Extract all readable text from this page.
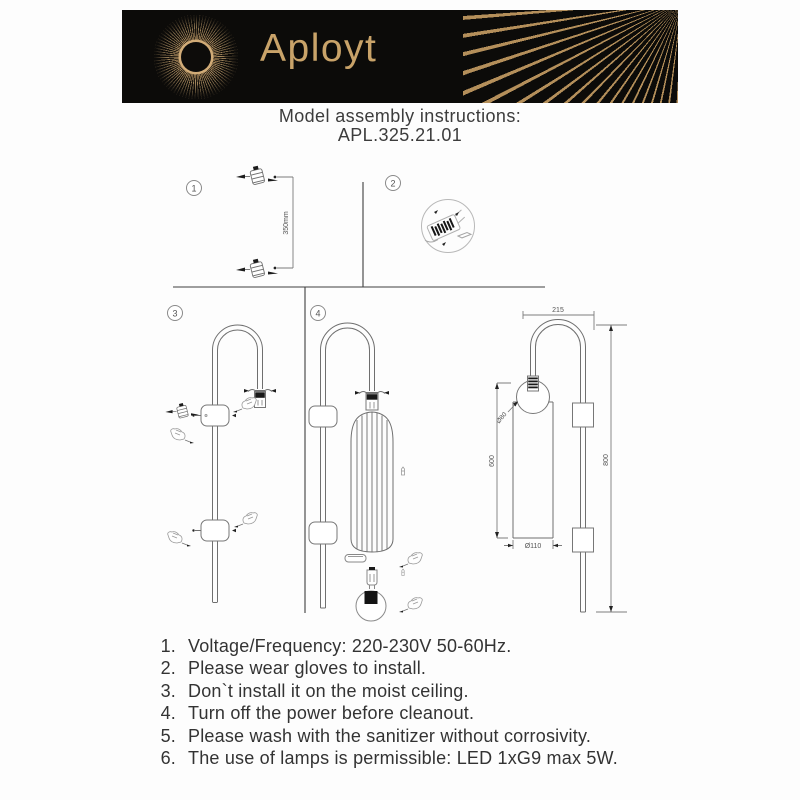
Aployt
Model assembly instructions:
APL.325.21.01
1
350mm
2
3	4	215
Ø80
600
Ø110
800
1. Voltage/Frequency: 220-230V 50-60Hz.
2. Please wear gloves to install.
3. Don`t install it on the moist ceiling.
4. Turn off the power before cleanout.
5. Please wash with the sanitizer without corrosivity.
6. The use of lamps is permissible: LED 1xG9 max 5W.
